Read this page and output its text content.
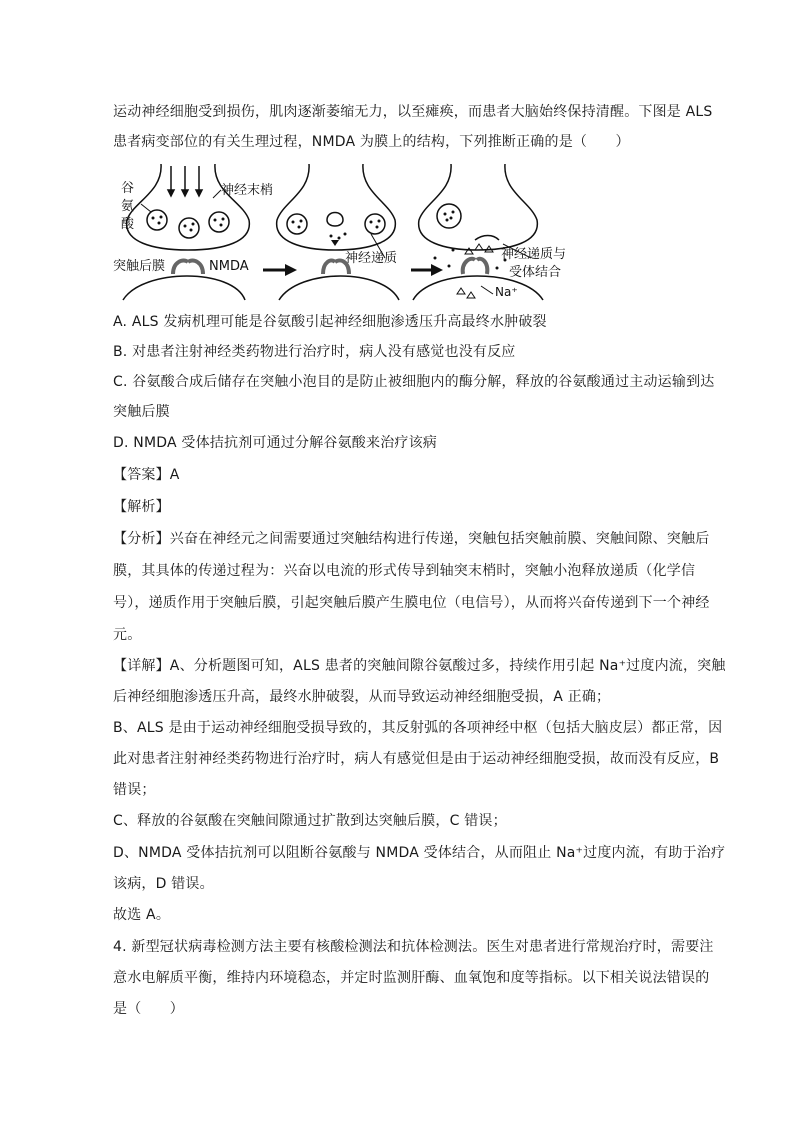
运动神经细胞受到损伤，肌肉逐渐萎缩无力，以至瘫痪，而患者大脑始终保持清醒。下图是 ALS
患者病变部位的有关生理过程，NMDA 为膜上的结构，下列推断正确的是（　　）
谷
氨
酸
神经末梢
突触后膜	NMDA
神经递质	神经递质与
受体结合
Na⁺
A. ALS 发病机理可能是谷氨酸引起神经细胞渗透压升高最终水肿破裂
B. 对患者注射神经类药物进行治疗时，病人没有感觉也没有反应
C. 谷氨酸合成后储存在突触小泡目的是防止被细胞内的酶分解，释放的谷氨酸通过主动运输到达
突触后膜
D. NMDA 受体拮抗剂可通过分解谷氨酸来治疗该病
【答案】A
【解析】
【分析】兴奋在神经元之间需要通过突触结构进行传递，突触包括突触前膜、突触间隙、突触后
膜，其具体的传递过程为：兴奋以电流的形式传导到轴突末梢时，突触小泡释放递质（化学信
号），递质作用于突触后膜，引起突触后膜产生膜电位（电信号），从而将兴奋传递到下一个神经
元。
【详解】A、分析题图可知，ALS 患者的突触间隙谷氨酸过多，持续作用引起 Na⁺过度内流，突触
后神经细胞渗透压升高，最终水肿破裂，从而导致运动神经细胞受损，A 正确；
B、ALS 是由于运动神经细胞受损导致的，其反射弧的各项神经中枢（包括大脑皮层）都正常，因
此对患者注射神经类药物进行治疗时，病人有感觉但是由于运动神经细胞受损，故而没有反应，B
错误；
C、释放的谷氨酸在突触间隙通过扩散到达突触后膜，C 错误；
D、NMDA 受体拮抗剂可以阻断谷氨酸与 NMDA 受体结合，从而阻止 Na⁺过度内流，有助于治疗
该病，D 错误。
故选 A。
4. 新型冠状病毒检测方法主要有核酸检测法和抗体检测法。医生对患者进行常规治疗时，需要注
意水电解质平衡，维持内环境稳态，并定时监测肝酶、血氧饱和度等指标。以下相关说法错误的
是（　　）
